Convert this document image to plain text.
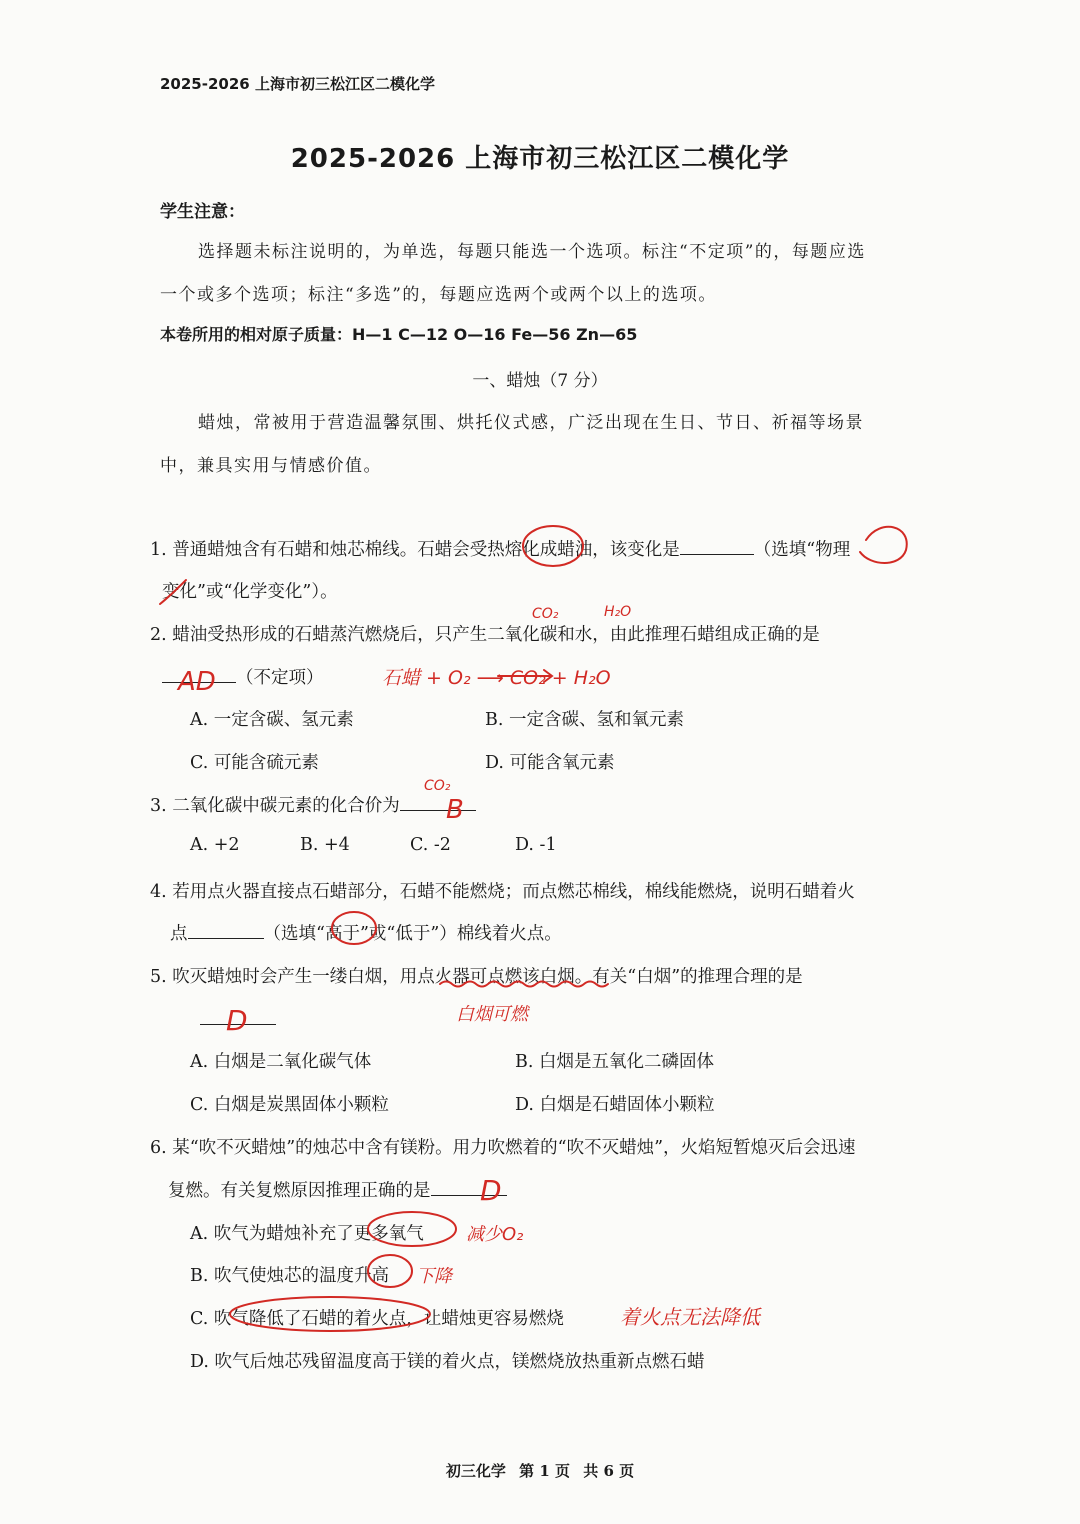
2025-2026 上海市初三松江区二模化学
2025-2026 上海市初三松江区二模化学
学生注意：
选择题未标注说明的，为单选，每题只能选一个选项。标注“不定项”的，每题应选
一个或多个选项；标注“多选”的，每题应选两个或两个以上的选项。
本卷所用的相对原子质量：H—1 C—12 O—16 Fe—56 Zn—65
一、蜡烛（7 分）
蜡烛，常被用于营造温馨氛围、烘托仪式感，广泛出现在生日、节日、祈福等场景
中，兼具实用与情感价值。
1. 普通蜡烛含有石蜡和烛芯棉线。石蜡会受热熔化成蜡油，该变化是	（选填“物理
变化”或“化学变化”）。
2. 蜡油受热形成的石蜡蒸汽燃烧后，只产生二氧化碳和水，由此推理石蜡组成正确的是
（不定项）
A. 一定含碳、氢元素	B. 一定含碳、氢和氧元素
C. 可能含硫元素	D. 可能含氧元素
3. 二氧化碳中碳元素的化合价为
A. +2	B. +4	C. -2	D. -1
4. 若用点火器直接点石蜡部分，石蜡不能燃烧；而点燃芯棉线，棉线能燃烧，说明石蜡着火
点	（选填“高于”或“低于”）棉线着火点。
5. 吹灭蜡烛时会产生一缕白烟，用点火器可点燃该白烟。有关“白烟”的推理合理的是
A. 白烟是二氧化碳气体	B. 白烟是五氧化二磷固体
C. 白烟是炭黑固体小颗粒	D. 白烟是石蜡固体小颗粒
6. 某“吹不灭蜡烛”的烛芯中含有镁粉。用力吹燃着的“吹不灭蜡烛”，火焰短暂熄灭后会迅速
复燃。有关复燃原因推理正确的是
A. 吹气为蜡烛补充了更多氧气
B. 吹气使烛芯的温度升高
C. 吹气降低了石蜡的着火点，让蜡烛更容易燃烧
D. 吹气后烛芯残留温度高于镁的着火点，镁燃烧放热重新点燃石蜡
初三化学 第 1 页 共 6 页
CO₂	H₂O
AD	石蜡 + O₂ ⟶ CO₂ + H₂O
CO₂
B
D	白烟可燃
D
减少O₂
下降
着火点无法降低
